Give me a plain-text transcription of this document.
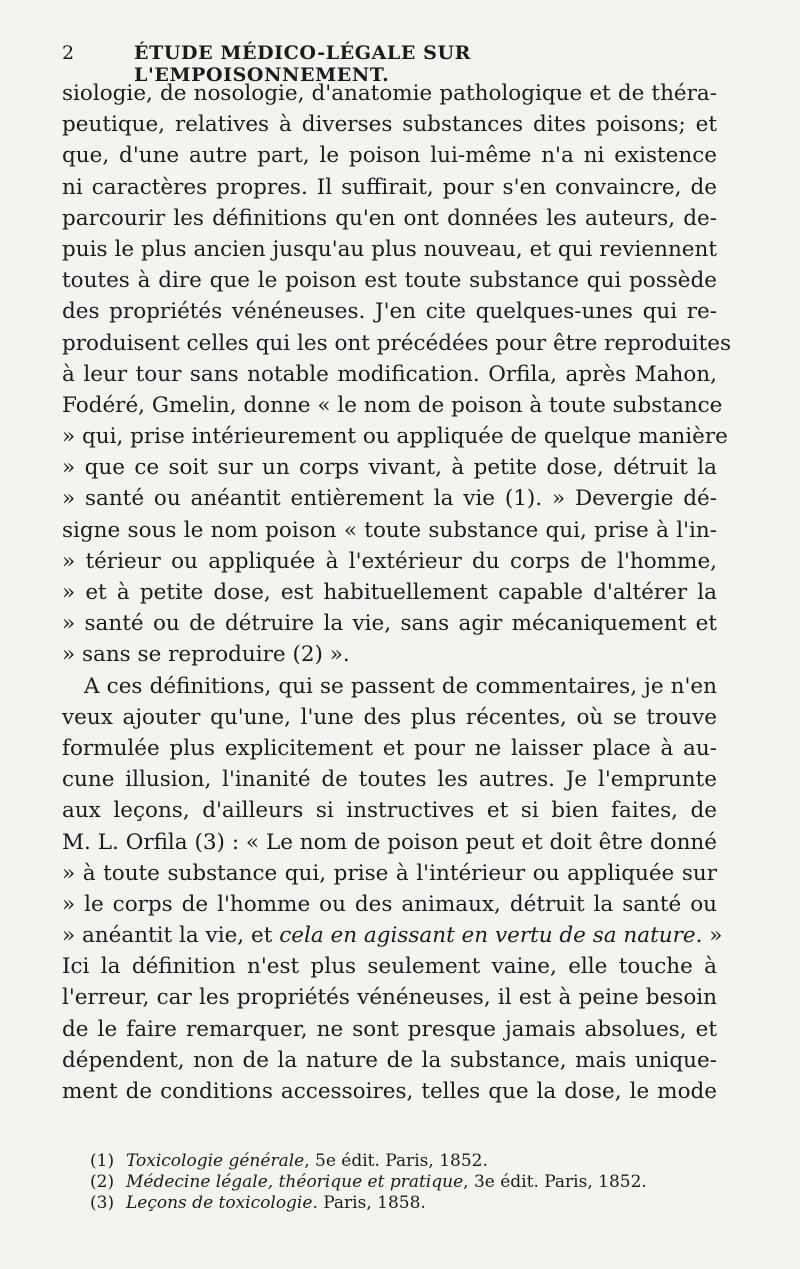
2	ÉTUDE MÉDICO-LÉGALE SUR L'EMPOISONNEMENT.
siologie, de nosologie, d'anatomie pathologique et de théra-
peutique, relatives à diverses substances dites poisons; et
que, d'une autre part, le poison lui-même n'a ni existence
ni caractères propres. Il suffirait, pour s'en convaincre, de
parcourir les définitions qu'en ont données les auteurs, de-
puis le plus ancien jusqu'au plus nouveau, et qui reviennent
toutes à dire que le poison est toute substance qui possède
des propriétés vénéneuses. J'en cite quelques-unes qui re-
produisent celles qui les ont précédées pour être reproduites
à leur tour sans notable modification. Orfila, après Mahon,
Fodéré, Gmelin, donne « le nom de poison à toute substance
» qui, prise intérieurement ou appliquée de quelque manière
» que ce soit sur un corps vivant, à petite dose, détruit la
» santé ou anéantit entièrement la vie (1). » Devergie dé-
signe sous le nom poison « toute substance qui, prise à l'in-
» térieur ou appliquée à l'extérieur du corps de l'homme,
» et à petite dose, est habituellement capable d'altérer la
» santé ou de détruire la vie, sans agir mécaniquement et
» sans se reproduire (2) ».
A ces définitions, qui se passent de commentaires, je n'en
veux ajouter qu'une, l'une des plus récentes, où se trouve
formulée plus explicitement et pour ne laisser place à au-
cune illusion, l'inanité de toutes les autres. Je l'emprunte
aux leçons, d'ailleurs si instructives et si bien faites, de
M. L. Orfila (3) : « Le nom de poison peut et doit être donné
» à toute substance qui, prise à l'intérieur ou appliquée sur
» le corps de l'homme ou des animaux, détruit la santé ou
» anéantit la vie, et cela en agissant en vertu de sa nature. »
Ici la définition n'est plus seulement vaine, elle touche à
l'erreur, car les propriétés vénéneuses, il est à peine besoin
de le faire remarquer, ne sont presque jamais absolues, et
dépendent, non de la nature de la substance, mais unique-
ment de conditions accessoires, telles que la dose, le mode
(1) Toxicologie générale, 5e édit. Paris, 1852.
(2) Médecine légale, théorique et pratique, 3e édit. Paris, 1852.
(3) Leçons de toxicologie. Paris, 1858.
